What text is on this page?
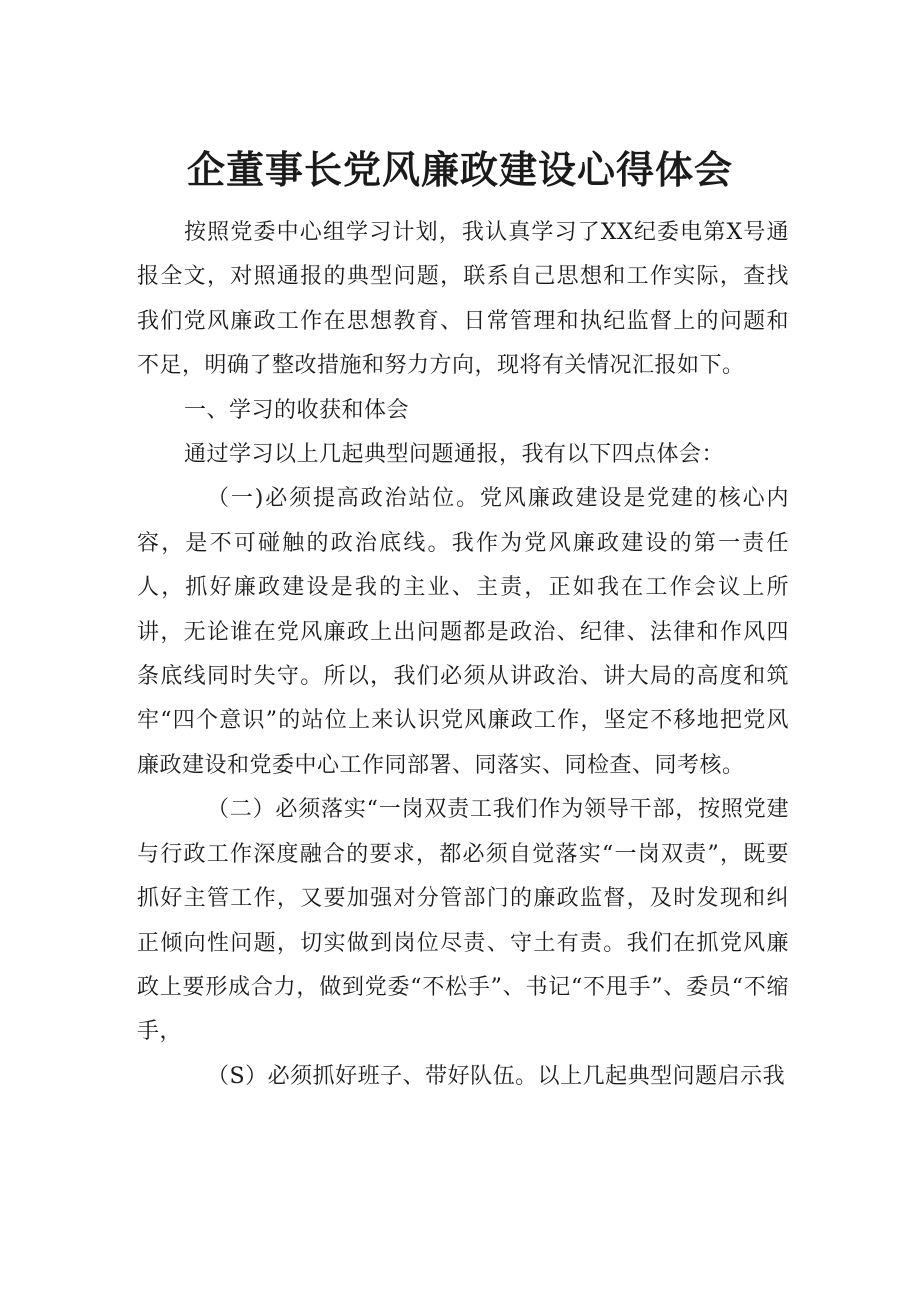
企董事长党风廉政建设心得体会

按照党委中心组学习计划，我认真学习了XX纪委电第X号通报全文，对照通报的典型问题，联系自己思想和工作实际，查找我们党风廉政工作在思想教育、日常管理和执纪监督上的问题和不足，明确了整改措施和努力方向，现将有关情况汇报如下。

一、学习的收获和体会

通过学习以上几起典型问题通报，我有以下四点体会：

（一)必须提高政治站位。党风廉政建设是党建的核心内容，是不可碰触的政治底线。我作为党风廉政建设的第一责任人，抓好廉政建设是我的主业、主责，正如我在工作会议上所讲，无论谁在党风廉政上出问题都是政治、纪律、法律和作风四条底线同时失守。所以，我们必须从讲政治、讲大局的高度和筑牢“四个意识”的站位上来认识党风廉政工作，坚定不移地把党风廉政建设和党委中心工作同部署、同落实、同检查、同考核。

（二）必须落实“一岗双责工我们作为领导干部，按照党建与行政工作深度融合的要求，都必须自觉落实“一岗双责”，既要抓好主管工作，又要加强对分管部门的廉政监督，及时发现和纠正倾向性问题，切实做到岗位尽责、守土有责。我们在抓党风廉政上要形成合力，做到党委“不松手”、书记“不甩手”、委员“不缩手，

（S）必须抓好班子、带好队伍。以上几起典型问题启示我
